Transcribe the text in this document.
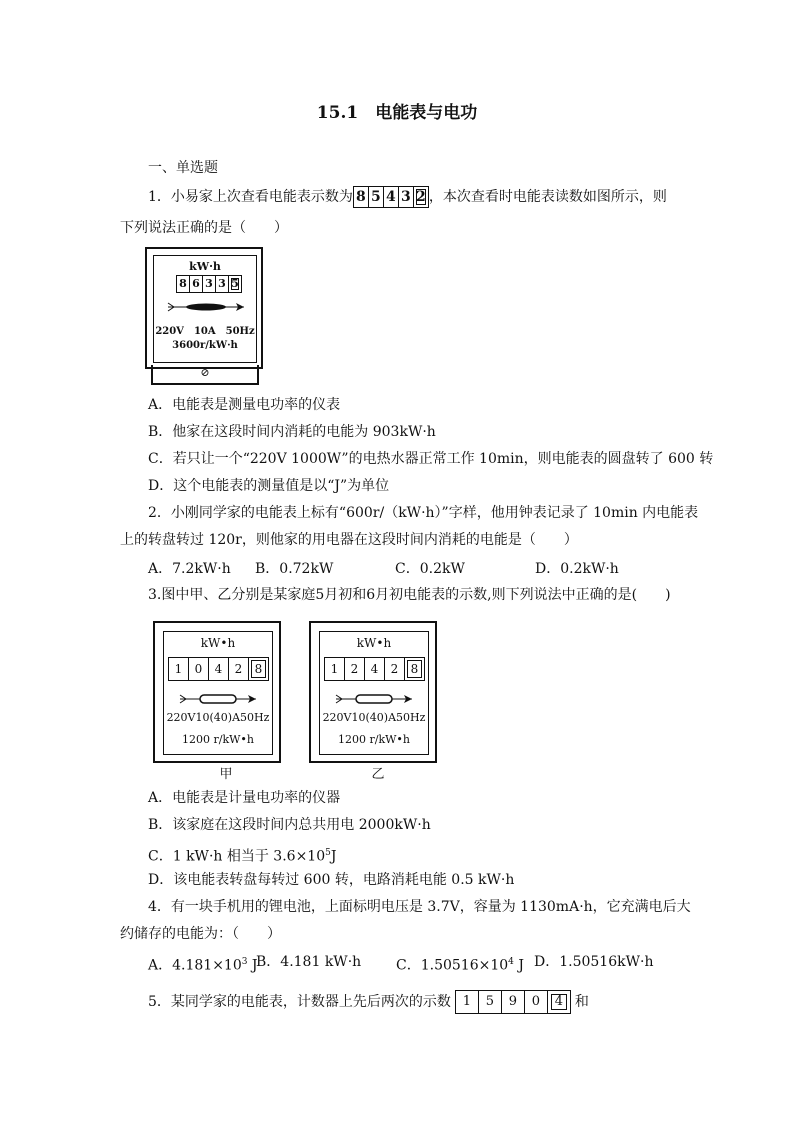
15.1　电能表与电功
一、单选题
1．小易家上次查看电能表示数为 8 5 4 3 2 ，本次查看时电能表读数如图所示，则
下列说法正确的是（　　）
kW·h
8 6 3 3 5
220V　10A　50Hz
3600r/kW·h
⊘
A．电能表是测量电功率的仪表
B．他家在这段时间内消耗的电能为 903kW·h
C．若只让一个“220V 1000W”的电热水器正常工作 10min，则电能表的圆盘转了 600 转
D．这个电能表的测量值是以“J”为单位
2．小刚同学家的电能表上标有“600r/（kW·h）”字样，他用钟表记录了 10min 内电能表
上的转盘转过 120r，则他家的用电器在这段时间内消耗的电能是（　　）
A．7.2kW·h B．0.72kW	C．0.2kW	D．0.2kW·h
3.图中甲、乙分别是某家庭5月初和6月初电能表的示数,则下列说法中正确的是(　　)
kW•h
1	0	4	2	8
220V10(40)A50Hz
1200 r/kW•h
甲
kW•h
1	2	4	2	8
220V10(40)A50Hz
1200 r/kW•h
乙
A．电能表是计量电功率的仪器
B．该家庭在这段时间内总共用电 2000kW·h
C．1 kW·h 相当于 $3.6\times 10^5J$
D．该电能表转盘每转过 600 转，电路消耗电能 0.5 kW·h
4．有一块手机用的锂电池，上面标明电压是 3.7V，容量为 1130mA·h，它充满电后大
约储存的电能为：（　　）
A．$4.181\times 10^3$ J
B．4.181 kW·h C．$1.50516\times 10^4$ J D．1.50516kW·h
5．某同学家的电能表，计数器上先后两次的示数 1	5	9	0	4 和
